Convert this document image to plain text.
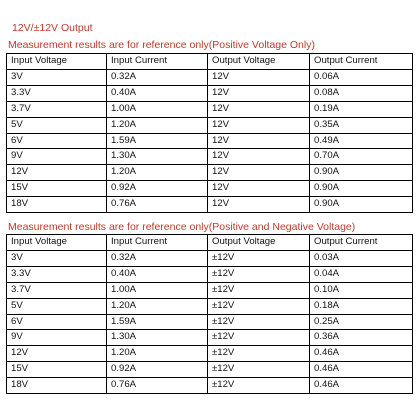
12V/±12V Output
Measurement results are for reference only(Positive Voltage Only)
Input Voltage	Input Current	Output Voltage	Output Current
3V	0.32A	12V	0.06A
3.3V	0.40A	12V	0.08A
3.7V	1.00A	12V	0.19A
5V	1.20A	12V	0.35A
6V	1.59A	12V	0.49A
9V	1.30A	12V	0.70A
12V	1.20A	12V	0.90A
15V	0.92A	12V	0.90A
18V	0.76A	12V	0.90A
Measurement results are for reference only(Positive and Negative Voltage)
Input Voltage	Input Current	Output Voltage	Output Current
3V	0.32A	±12V	0.03A
3.3V	0.40A	±12V	0.04A
3.7V	1.00A	±12V	0.10A
5V	1.20A	±12V	0.18A
6V	1.59A	±12V	0.25A
9V	1.30A	±12V	0.36A
12V	1.20A	±12V	0.46A
15V	0.92A	±12V	0.46A
18V	0.76A	±12V	0.46A
